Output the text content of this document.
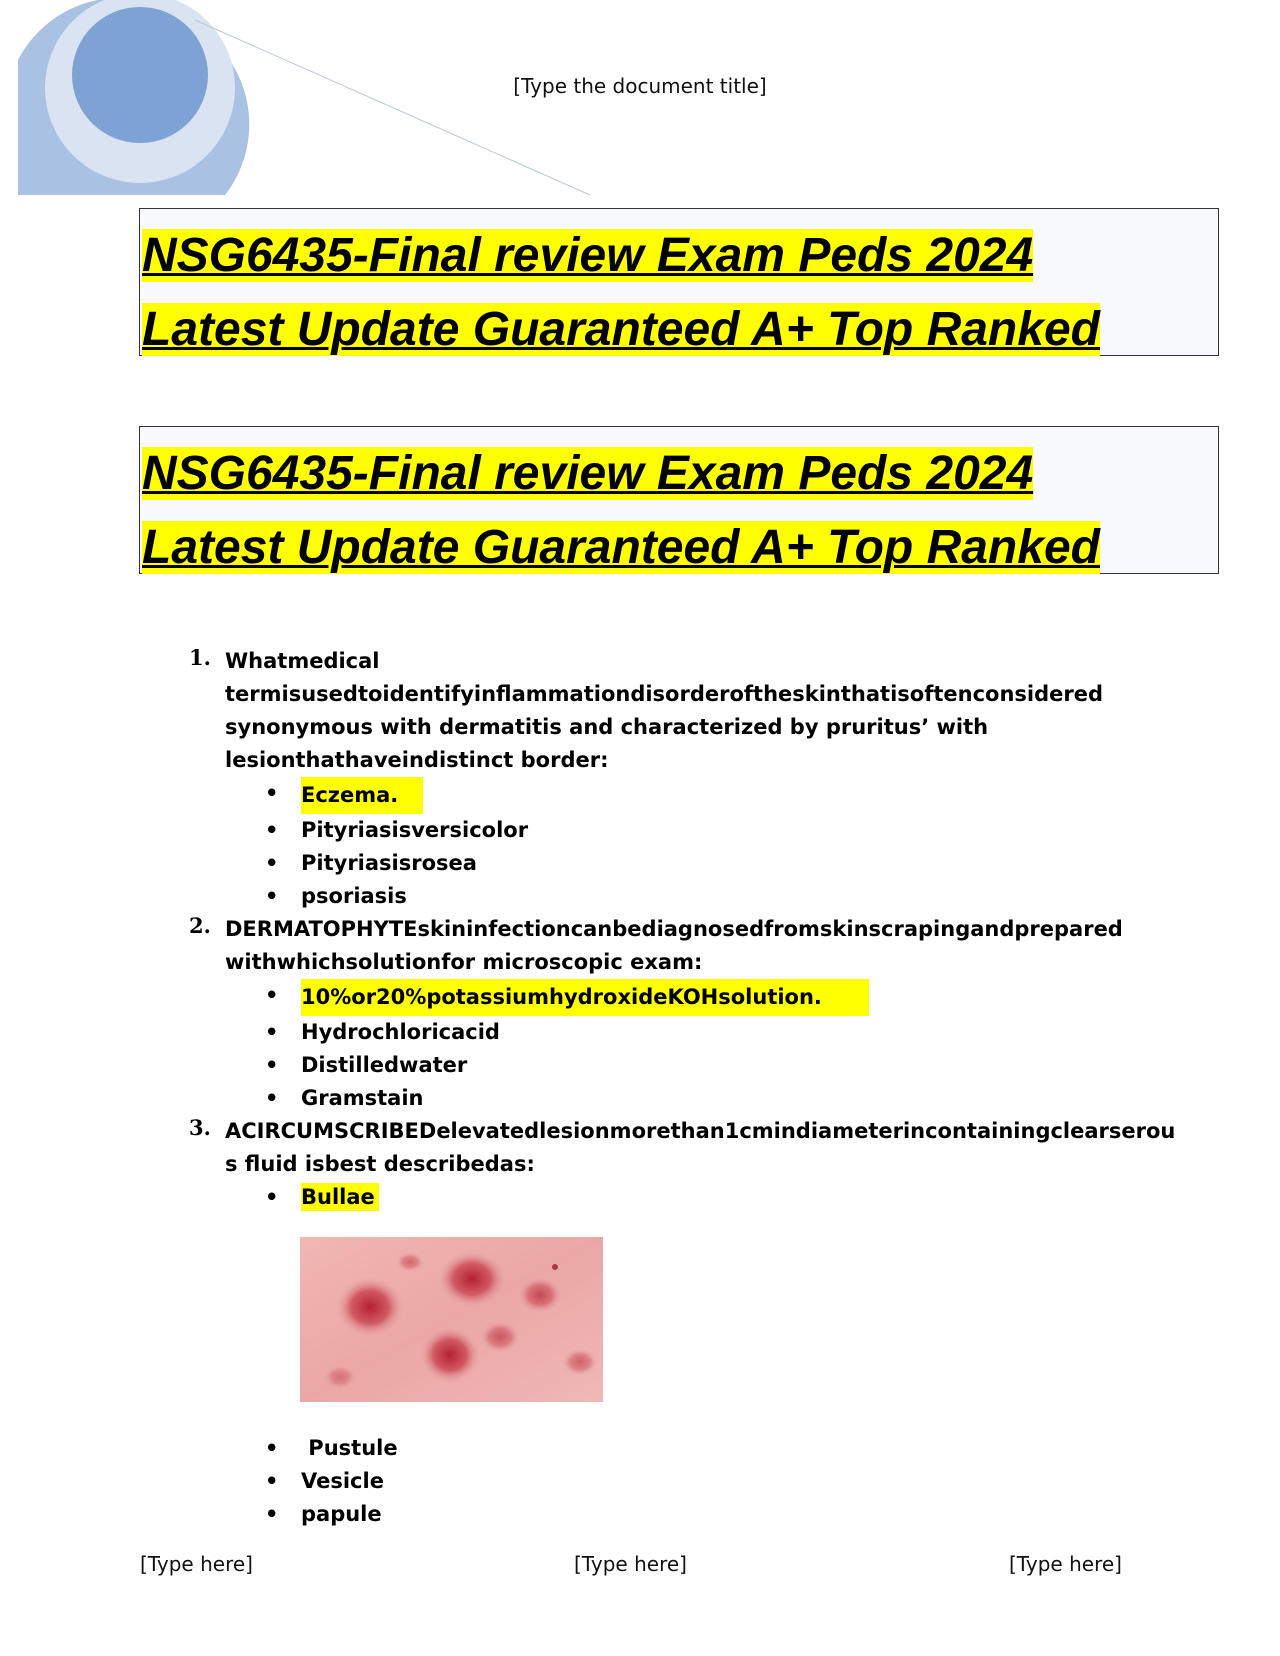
[Type the document title]
NSG6435-Final review Exam Peds 2024
Latest Update Guaranteed A+ Top Ranked
NSG6435-Final review Exam Peds 2024
Latest Update Guaranteed A+ Top Ranked
1. Whatmedical
termisusedtoidentifyinflammationdisorderoftheskinthatisoftenconsidered
synonymous with dermatitis and characterized by pruritus’ with
lesionthathaveindistinct border:
• Eczema.
• Pityriasisversicolor
• Pityriasisrosea
• psoriasis
2. DERMATOPHYTEskininfectioncanbediagnosedfromskinscrapingandprepared
withwhichsolutionfor microscopic exam:
• 10%or20%potassiumhydroxideKOHsolution.
• Hydrochloricacid
• Distilledwater
• Gramstain
3. ACIRCUMSCRIBEDelevatedlesionmorethan1cmindiameterincontainingclearserou
s fluid isbest describedas:
• Bullae
• Pustule
• Vesicle
• papule
[Type here]	[Type here]	[Type here]
